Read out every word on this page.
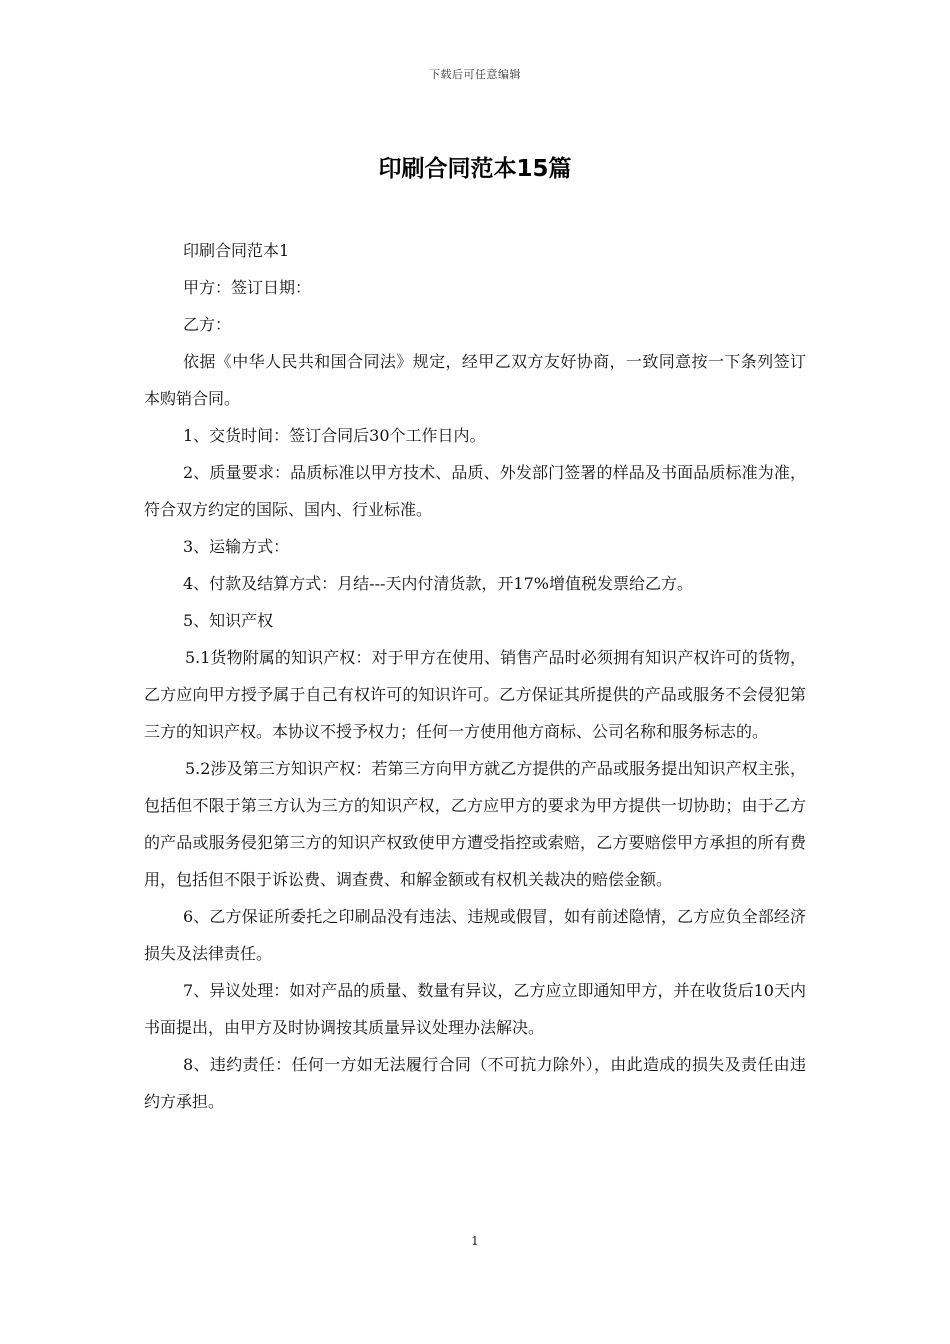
下载后可任意编辑
印刷合同范本15篇

印刷合同范本1

甲方：签订日期：

乙方：

依据《中华人民共和国合同法》规定，经甲乙双方友好协商，一致同意按一下条列签订本购销合同。

1、交货时间：签订合同后30个工作日内。

2、质量要求：品质标准以甲方技术、品质、外发部门签署的样品及书面品质标准为准，符合双方约定的国际、国内、行业标准。

3、运输方式：

4、付款及结算方式：月结---天内付清货款，开17%增值税发票给乙方。

5、知识产权

5.1货物附属的知识产权：对于甲方在使用、销售产品时必须拥有知识产权许可的货物，乙方应向甲方授予属于自己有权许可的知识许可。乙方保证其所提供的产品或服务不会侵犯第三方的知识产权。本协议不授予权力；任何一方使用他方商标、公司名称和服务标志的。

5.2涉及第三方知识产权：若第三方向甲方就乙方提供的产品或服务提出知识产权主张，包括但不限于第三方认为三方的知识产权，乙方应甲方的要求为甲方提供一切协助；由于乙方的产品或服务侵犯第三方的知识产权致使甲方遭受指控或索赔，乙方要赔偿甲方承担的所有费用，包括但不限于诉讼费、调查费、和解金额或有权机关裁决的赔偿金额。

6、乙方保证所委托之印刷品没有违法、违规或假冒，如有前述隐情，乙方应负全部经济损失及法律责任。

7、异议处理：如对产品的质量、数量有异议，乙方应立即通知甲方，并在收货后10天内书面提出，由甲方及时协调按其质量异议处理办法解决。

8、违约责任：任何一方如无法履行合同（不可抗力除外），由此造成的损失及责任由违约方承担。

1
